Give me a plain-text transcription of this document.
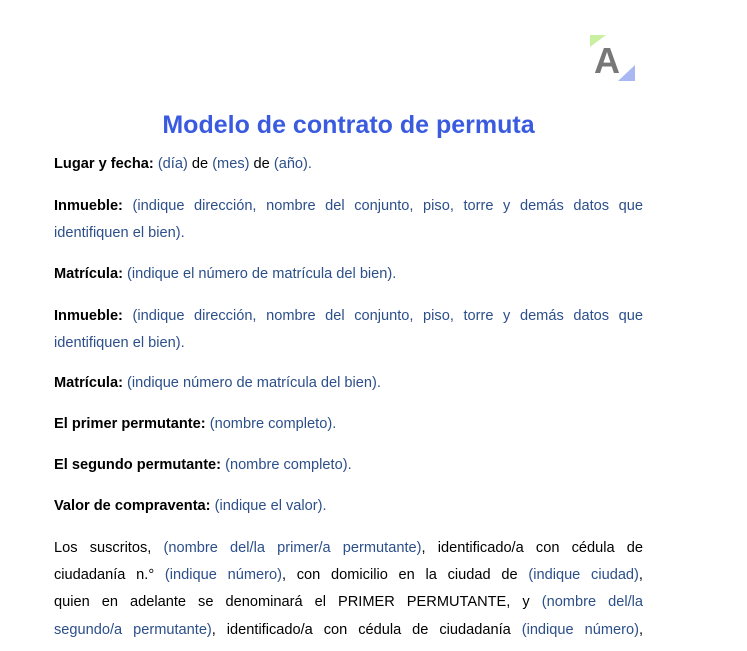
A
Modelo de contrato de permuta
Lugar y fecha: (día) de (mes) de (año).
Inmueble: (indique dirección, nombre del conjunto, piso, torre y demás datos que
identifiquen el bien).
Matrícula: (indique el número de matrícula del bien).
Inmueble: (indique dirección, nombre del conjunto, piso, torre y demás datos que
identifiquen el bien).
Matrícula: (indique número de matrícula del bien).
El primer permutante: (nombre completo).
El segundo permutante: (nombre completo).
Valor de compraventa: (indique el valor).
Los suscritos, (nombre del/la primer/a permutante), identificado/a con cédula de
ciudadanía n.° (indique número), con domicilio en la ciudad de (indique ciudad),
quien en adelante se denominará el PRIMER PERMUTANTE, y (nombre del/la
segundo/a permutante), identificado/a con cédula de ciudadanía (indique número),
